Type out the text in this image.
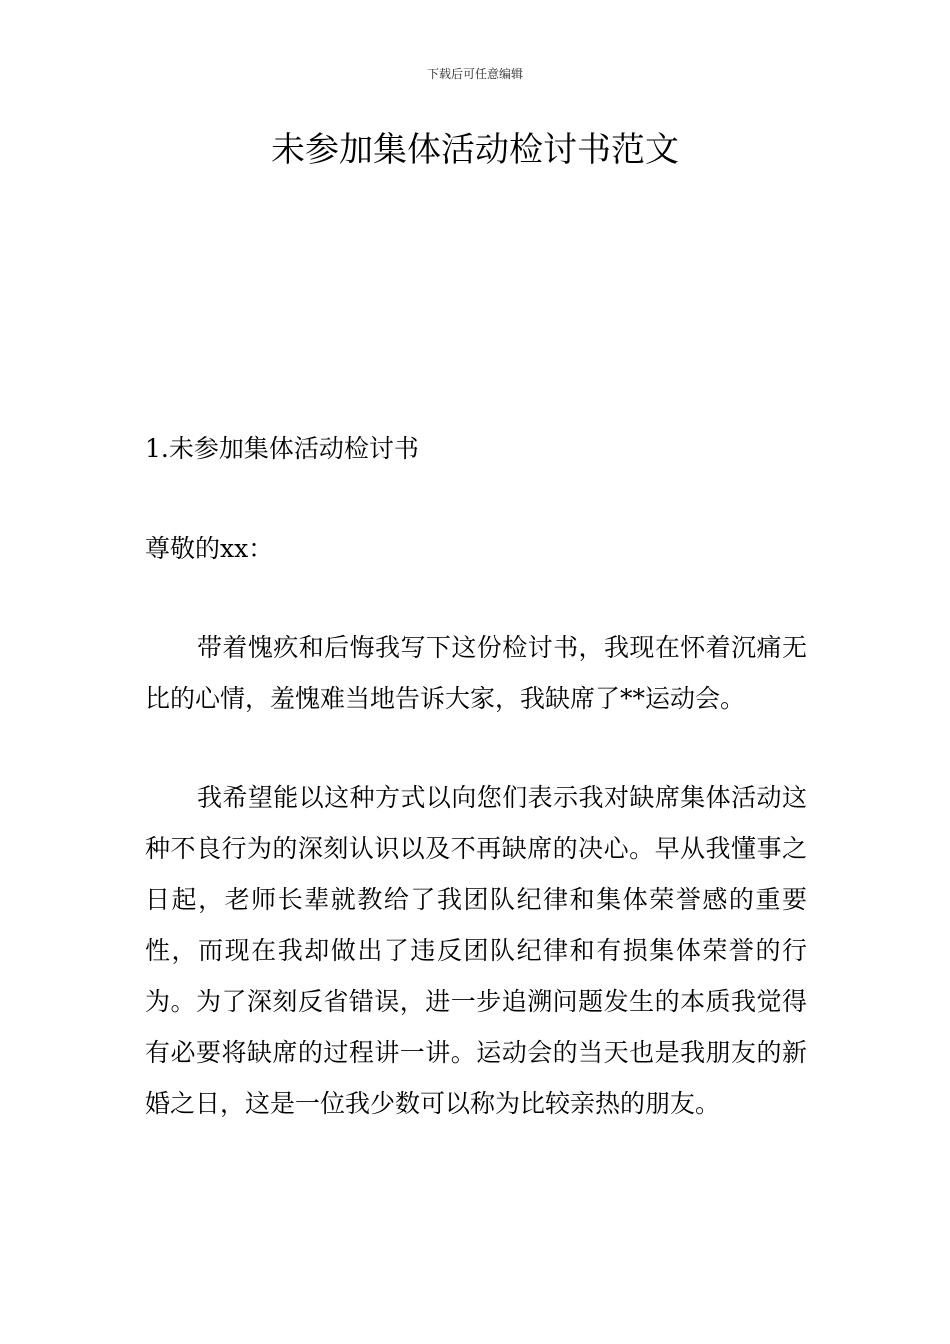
下载后可任意编辑
未参加集体活动检讨书范文

1.未参加集体活动检讨书

尊敬的xx：

带着愧疚和后悔我写下这份检讨书，我现在怀着沉痛无比的心情，羞愧难当地告诉大家，我缺席了**运动会。

我希望能以这种方式以向您们表示我对缺席集体活动这种不良行为的深刻认识以及不再缺席的决心。早从我懂事之日起，老师长辈就教给了我团队纪律和集体荣誉感的重要性，而现在我却做出了违反团队纪律和有损集体荣誉的行为。为了深刻反省错误，进一步追溯问题发生的本质我觉得有必要将缺席的过程讲一讲。运动会的当天也是我朋友的新婚之日，这是一位我少数可以称为比较亲热的朋友。
